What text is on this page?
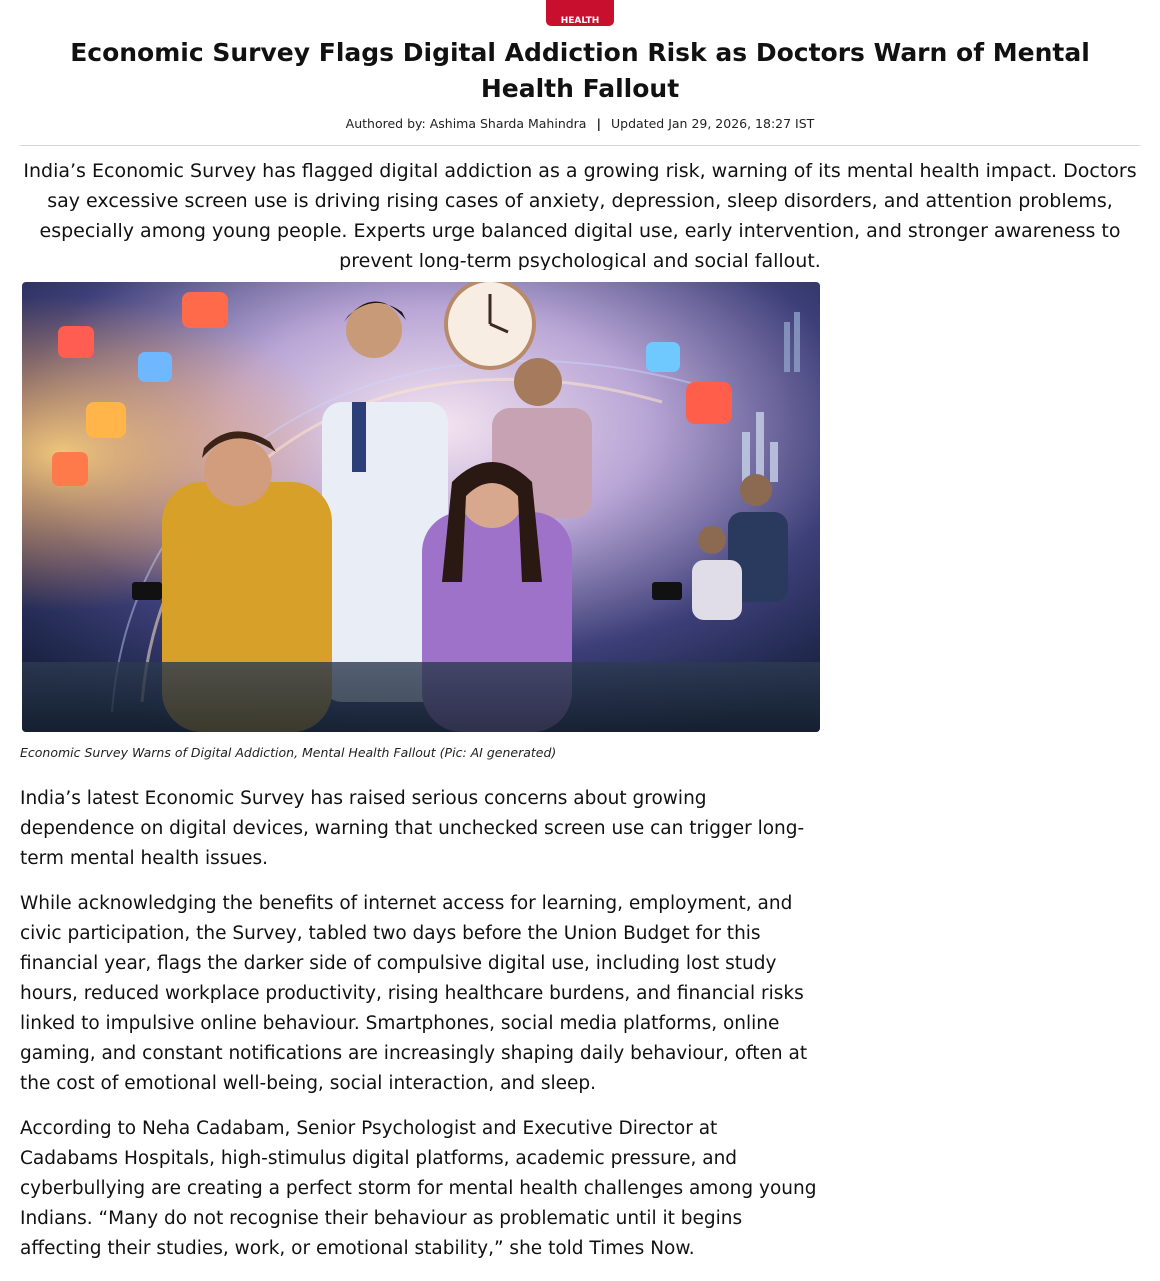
HEALTH
Economic Survey Flags Digital Addiction Risk as Doctors Warn of Mental Health Fallout
Authored by: Ashima Sharda Mahindra | Updated Jan 29, 2026, 18:27 IST

India’s Economic Survey has flagged digital addiction as a growing risk, warning of its mental health impact. Doctors say excessive screen use is driving rising cases of anxiety, depression, sleep disorders, and attention problems, especially among young people. Experts urge balanced digital use, early intervention, and stronger awareness to prevent long-term psychological and social fallout.

Economic Survey Warns of Digital Addiction, Mental Health Fallout (Pic: AI generated)

India’s latest Economic Survey has raised serious concerns about growing dependence on digital devices, warning that unchecked screen use can trigger long-term mental health issues.

While acknowledging the benefits of internet access for learning, employment, and civic participation, the Survey, tabled two days before the Union Budget for this financial year, flags the darker side of compulsive digital use, including lost study hours, reduced workplace productivity, rising healthcare burdens, and financial risks linked to impulsive online behaviour. Smartphones, social media platforms, online gaming, and constant notifications are increasingly shaping daily behaviour, often at the cost of emotional well-being, social interaction, and sleep.

According to Neha Cadabam, Senior Psychologist and Executive Director at Cadabams Hospitals, high-stimulus digital platforms, academic pressure, and cyberbullying are creating a perfect storm for mental health challenges among young Indians. “Many do not recognise their behaviour as problematic until it begins affecting their studies, work, or emotional stability,” she told Times Now.
